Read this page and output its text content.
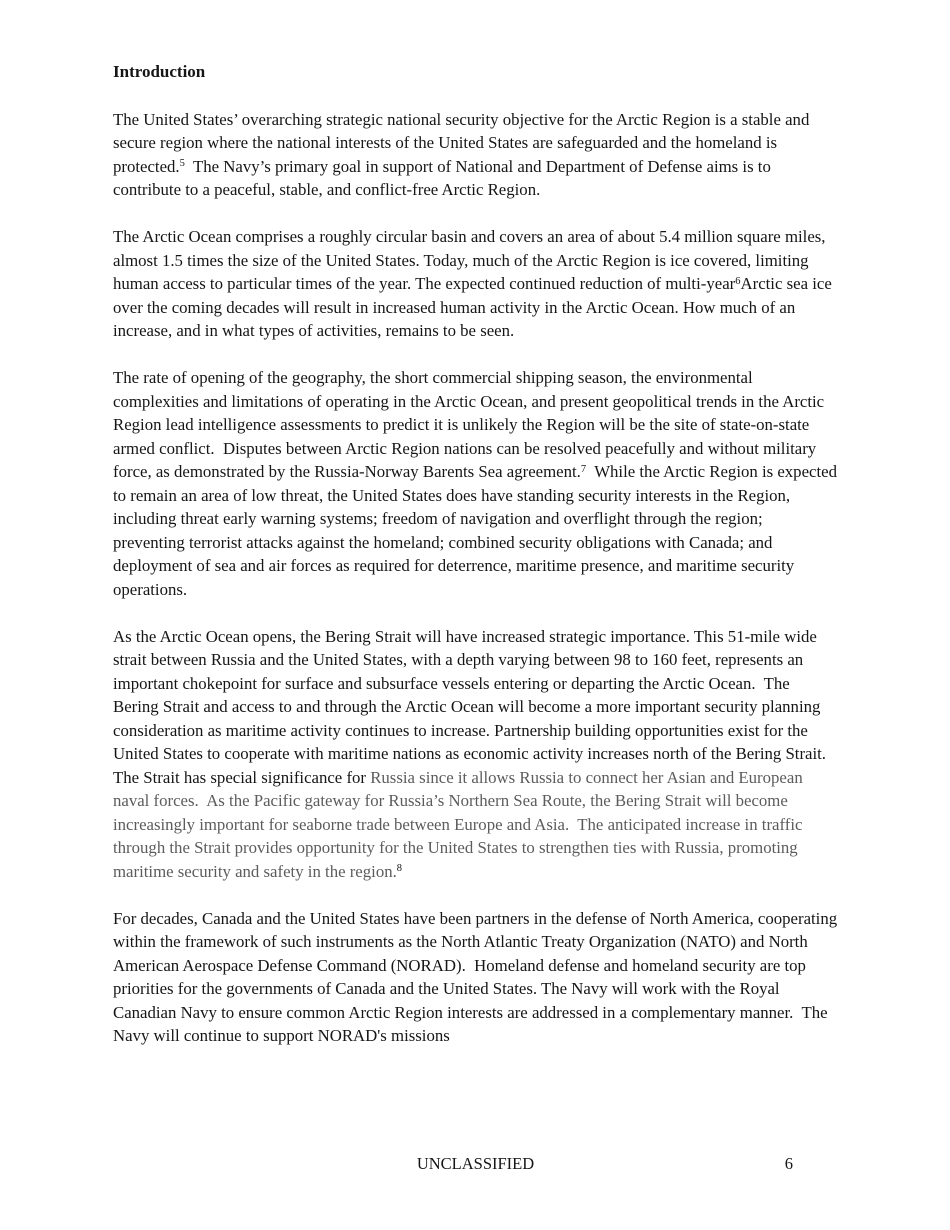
Introduction

The United States’ overarching strategic national security objective for the Arctic Region is a stable and secure region where the national interests of the United States are safeguarded and the homeland is protected.$^5$  The Navy’s primary goal in support of National and Department of Defense aims is to contribute to a peaceful, stable, and conflict-free Arctic Region.

The Arctic Ocean comprises a roughly circular basin and covers an area of about 5.4 million square miles, almost 1.5 times the size of the United States. Today, much of the Arctic Region is ice covered, limiting human access to particular times of the year. The expected continued reduction of multi-year$^6$Arctic sea ice over the coming decades will result in increased human activity in the Arctic Ocean. How much of an increase, and in what types of activities, remains to be seen.

The rate of opening of the geography, the short commercial shipping season, the environmental complexities and limitations of operating in the Arctic Ocean, and present geopolitical trends in the Arctic Region lead intelligence assessments to predict it is unlikely the Region will be the site of state-on-state armed conflict.  Disputes between Arctic Region nations can be resolved peacefully and without military force, as demonstrated by the Russia-Norway Barents Sea agreement.$^7$  While the Arctic Region is expected to remain an area of low threat, the United States does have standing security interests in the Region, including threat early warning systems; freedom of navigation and overflight through the region; preventing terrorist attacks against the homeland; combined security obligations with Canada; and deployment of sea and air forces as required for deterrence, maritime presence, and maritime security operations.

As the Arctic Ocean opens, the Bering Strait will have increased strategic importance. This 51-mile wide strait between Russia and the United States, with a depth varying between 98 to 160 feet, represents an important chokepoint for surface and subsurface vessels entering or departing the Arctic Ocean.  The Bering Strait and access to and through the Arctic Ocean will become a more important security planning consideration as maritime activity continues to increase. Partnership building opportunities exist for the United States to cooperate with maritime nations as economic activity increases north of the Bering Strait.  The Strait has special significance for Russia since it allows Russia to connect her Asian and European naval forces.  As the Pacific gateway for Russia’s Northern Sea Route, the Bering Strait will become increasingly important for seaborne trade between Europe and Asia.  The anticipated increase in traffic through the Strait provides opportunity for the United States to strengthen ties with Russia, promoting maritime security and safety in the region.$^8$

For decades, Canada and the United States have been partners in the defense of North America, cooperating within the framework of such instruments as the North Atlantic Treaty Organization (NATO) and North American Aerospace Defense Command (NORAD).  Homeland defense and homeland security are top priorities for the governments of Canada and the United States. The Navy will work with the Royal Canadian Navy to ensure common Arctic Region interests are addressed in a complementary manner.  The Navy will continue to support NORAD's missions

UNCLASSIFIED	6
